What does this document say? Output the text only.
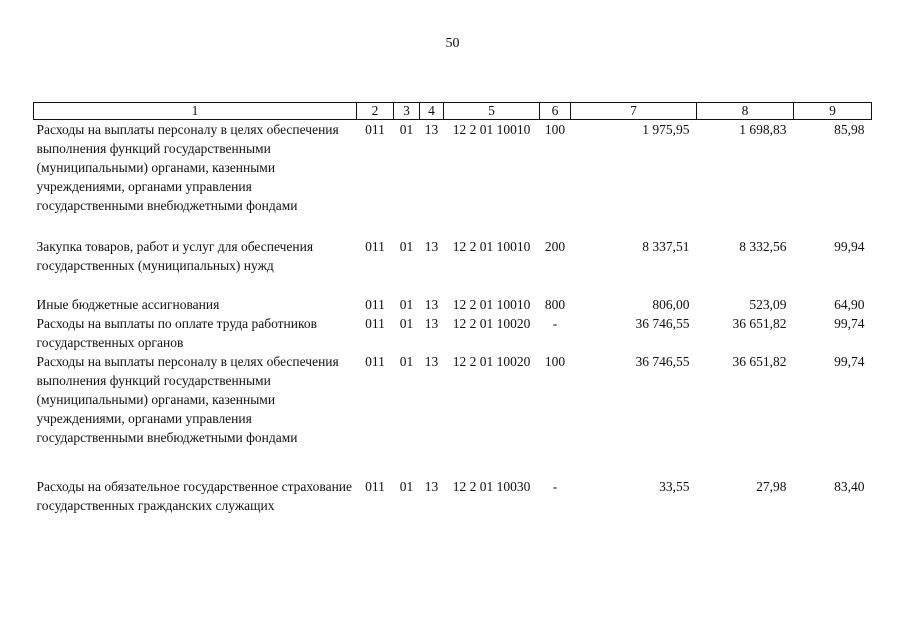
50
1	2	3	4	5	6	7	8	9
Расходы на выплаты персоналу в целях обеспечения выполнения функций государственными (муниципальными) органами, казенными учреждениями, органами управления государственными внебюджетными фондами	011	01	13	12 2 01 10010	100	1 975,95	1 698,83	85,98

Закупка товаров, работ и услуг для обеспечения государственных (муниципальных) нужд	011	01	13	12 2 01 10010	200	8 337,51	8 332,56	99,94

Иные бюджетные ассигнования	011	01	13	12 2 01 10010	800	806,00	523,09	64,90
Расходы на выплаты по оплате труда работников государственных органов	011	01	13	12 2 01 10020	-	36 746,55	36 651,82	99,74
Расходы на выплаты персоналу в целях обеспечения выполнения функций государственными (муниципальными) органами, казенными учреждениями, органами управления государственными внебюджетными фондами	011	01	13	12 2 01 10020	100	36 746,55	36 651,82	99,74

Расходы на обязательное государственное страхование государственных гражданских служащих	011	01	13	12 2 01 10030	-	33,55	27,98	83,40
